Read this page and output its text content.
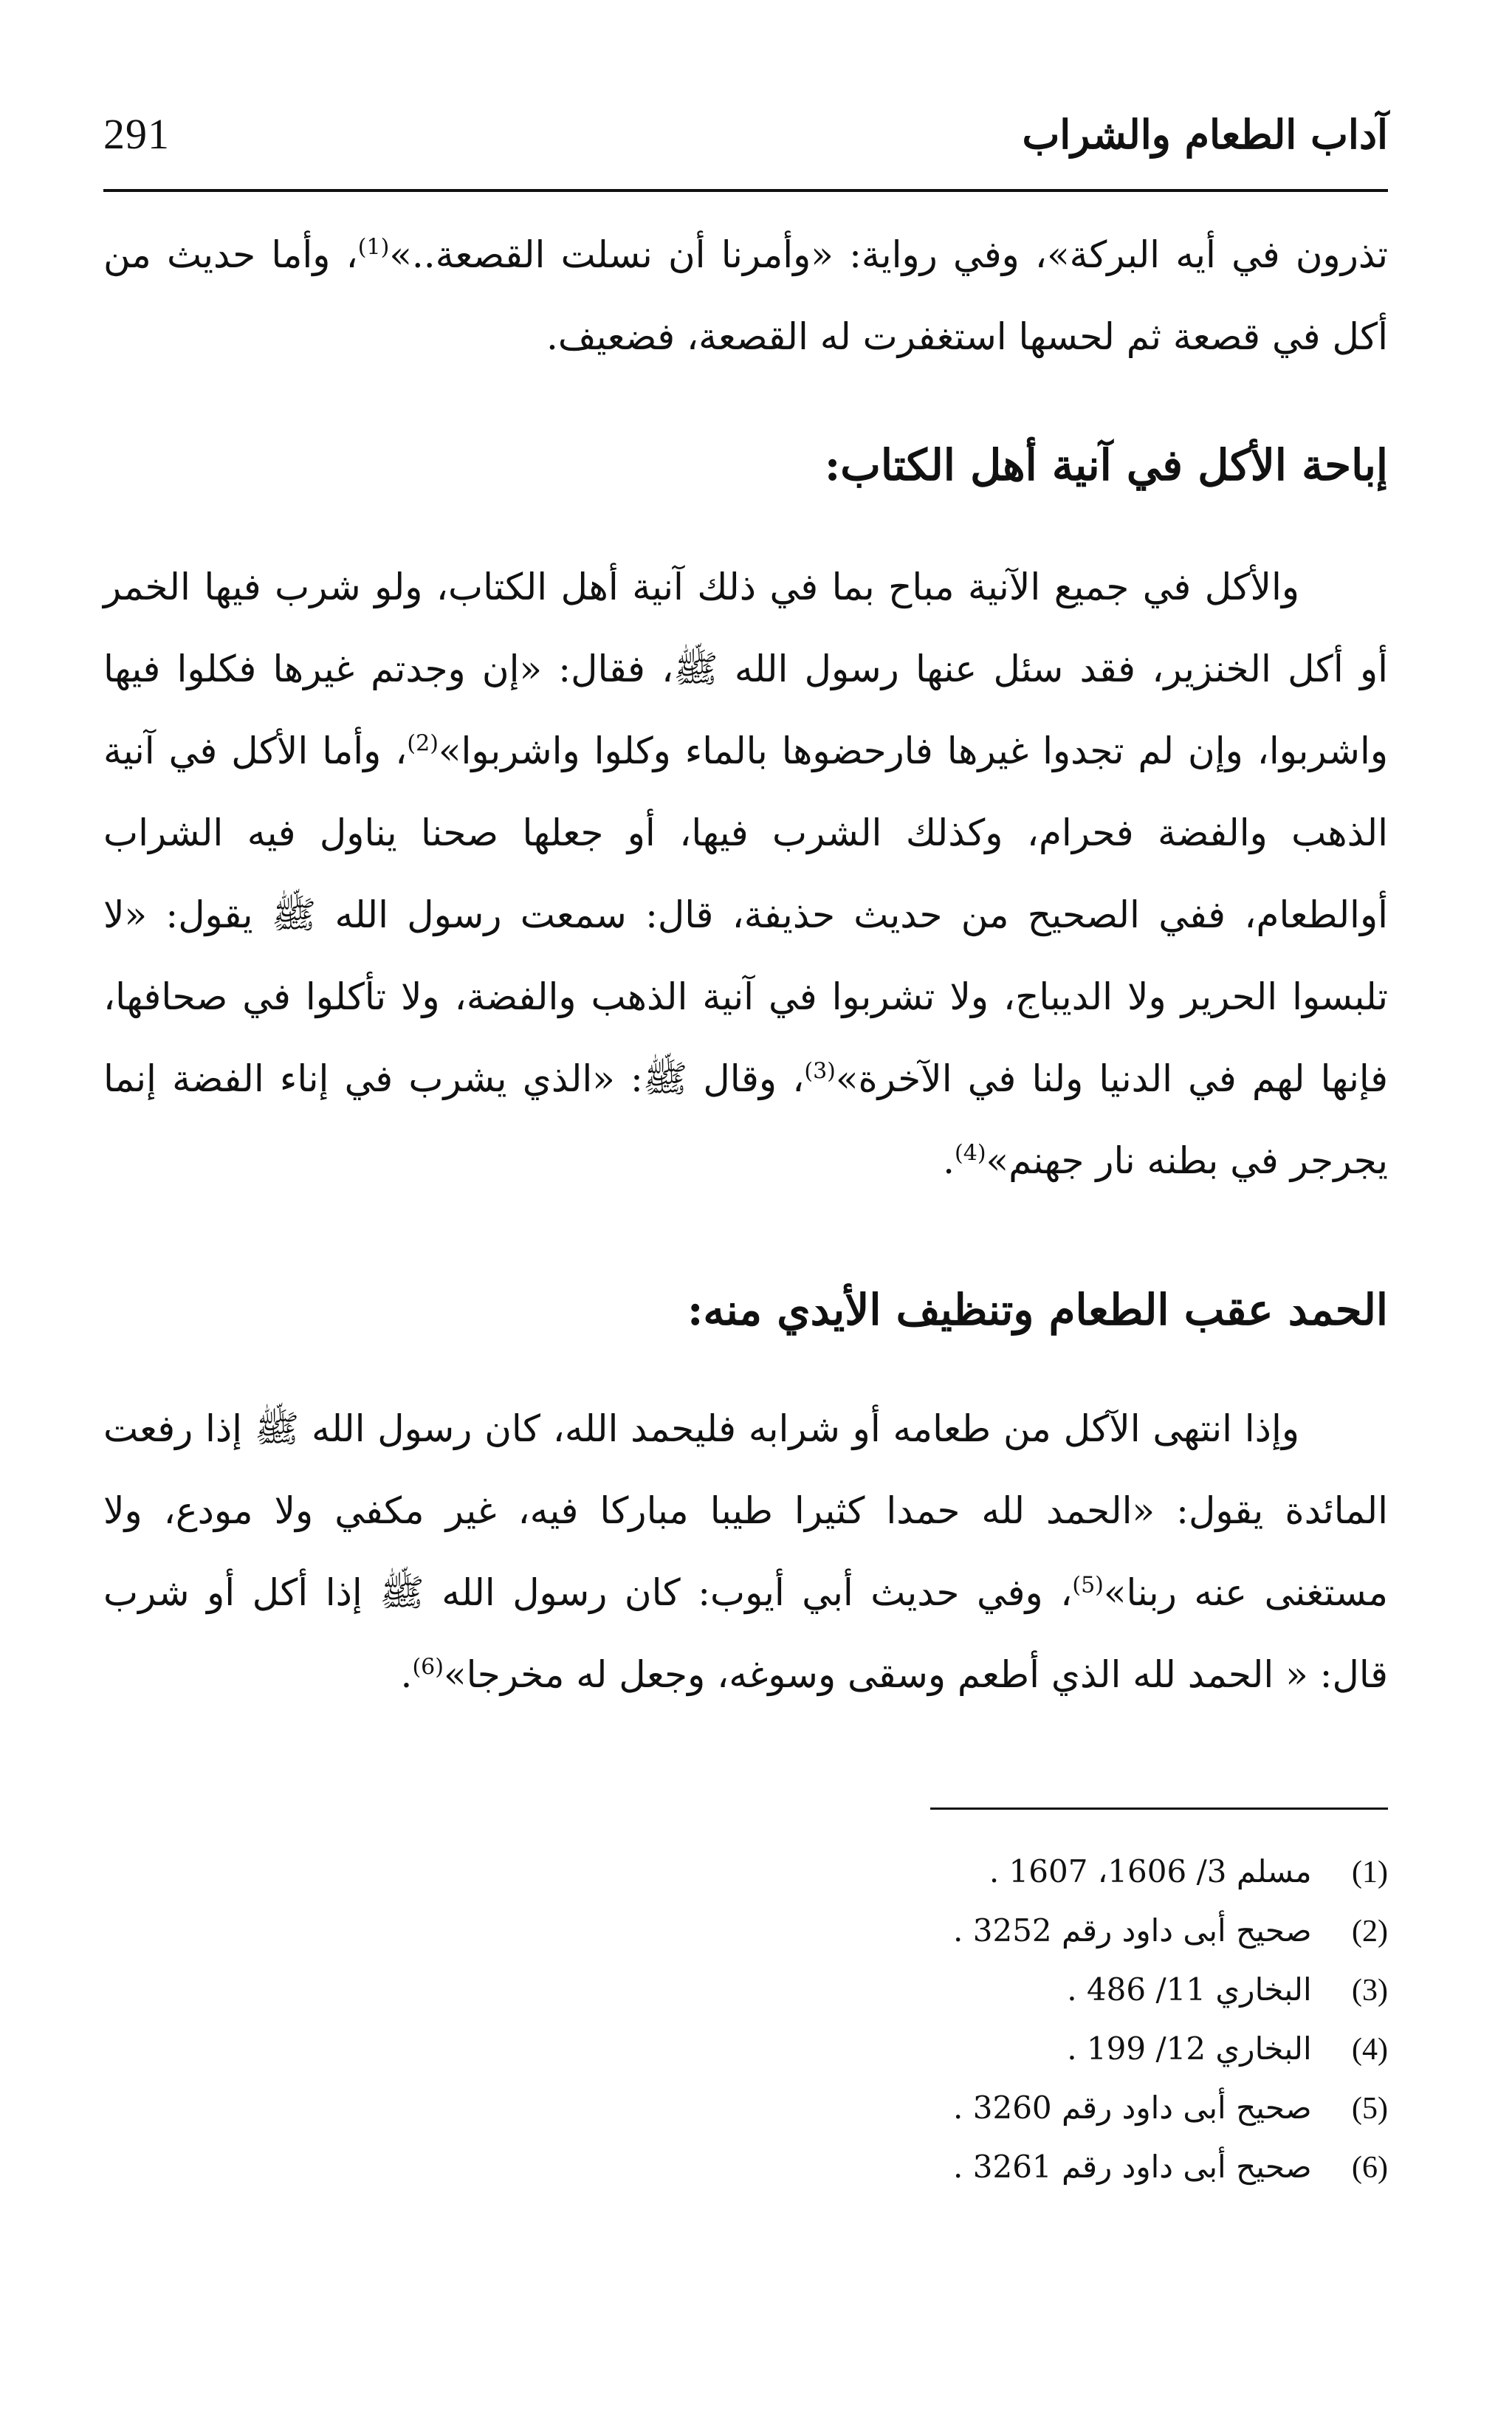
291	آداب الطعام والشراب

تذرون في أيه البركة»، وفي رواية: «وأمرنا أن نسلت القصعة..»$^{(1)}$، وأما حديث من أكل في قصعة ثم لحسها استغفرت له القصعة، فضعيف.

إباحة الأكل في آنية أهل الكتاب:

والأكل في جميع الآنية مباح بما في ذلك آنية أهل الكتاب، ولو شرب فيها الخمر أو أكل الخنزير، فقد سئل عنها رسول الله ﷺ، فقال: «إن وجدتم غيرها فكلوا فيها واشربوا، وإن لم تجدوا غيرها فارحضوها بالماء وكلوا واشربوا»$^{(2)}$، وأما الأكل في آنية الذهب والفضة فحرام، وكذلك الشرب فيها، أو جعلها صحنا يناول فيه الشراب أوالطعام، ففي الصحيح من حديث حذيفة، قال: سمعت رسول الله ﷺ يقول: «لا تلبسوا الحرير ولا الديباج، ولا تشربوا في آنية الذهب والفضة، ولا تأكلوا في صحافها، فإنها لهم في الدنيا ولنا في الآخرة»$^{(3)}$، وقال ﷺ: «الذي يشرب في إناء الفضة إنما يجرجر في بطنه نار جهنم»$^{(4)}$.

الحمد عقب الطعام وتنظيف الأيدي منه:

وإذا انتهى الآكل من طعامه أو شرابه فليحمد الله، كان رسول الله ﷺ إذا رفعت المائدة يقول: «الحمد لله حمدا كثيرا طيبا مباركا فيه، غير مكفي ولا مودع، ولا مستغنى عنه ربنا»$^{(5)}$، وفي حديث أبي أيوب: كان رسول الله ﷺ إذا أكل أو شرب قال: « الحمد لله الذي أطعم وسقى وسوغه، وجعل له مخرجا»$^{(6)}$.

(1) مسلم 3/ 1606، 1607 .
(2) صحيح أبى داود رقم 3252 .
(3) البخاري 11/ 486 .
(4) البخاري 12/ 199 .
(5) صحيح أبى داود رقم 3260 .
(6) صحيح أبى داود رقم 3261 .
